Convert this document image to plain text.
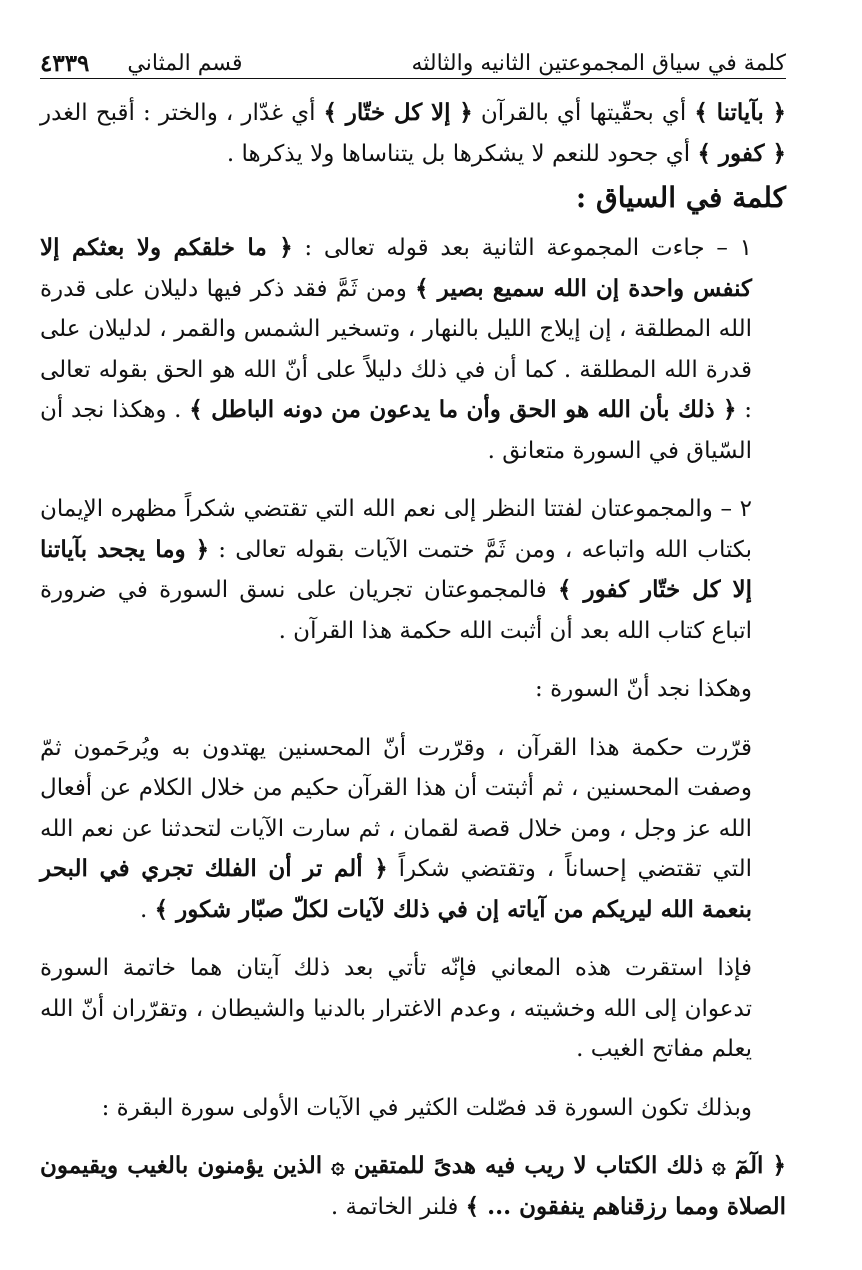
كلمة في سياق المجموعتين الثانيه والثالثه
قسم المثاني
٤٣٣٩

﴿ بآياتنا ﴾ أي بحقّيتها أي بالقرآن ﴿ إلا كل ختّار ﴾ أي غدّار ، والختر : أقبح الغدر ﴿ كفور ﴾ أي جحود للنعم لا يشكرها بل يتناساها ولا يذكرها .

كلمة في السياق :

١ – جاءت المجموعة الثانية بعد قوله تعالى : ﴿ ما خلقكم ولا بعثكم إلا كنفس واحدة إن الله سميع بصير ﴾ ومن ثَمَّ فقد ذكر فيها دليلان على قدرة الله المطلقة ، إن إيلاج الليل بالنهار ، وتسخير الشمس والقمر ، لدليلان على قدرة الله المطلقة . كما أن في ذلك دليلاً على أنّ الله هو الحق بقوله تعالى : ﴿ ذلك بأن الله هو الحق وأن ما يدعون من دونه الباطل ﴾ . وهكذا نجد أن السّياق في السورة متعانق .

٢ – والمجموعتان لفتتا النظر إلى نعم الله التي تقتضي شكراً مظهره الإيمان بكتاب الله واتباعه ، ومن ثَمَّ ختمت الآيات بقوله تعالى : ﴿ وما يجحد بآياتنا إلا كل ختّار كفور ﴾ فالمجموعتان تجريان على نسق السورة في ضرورة اتباع كتاب الله بعد أن أثبت الله حكمة هذا القرآن .

وهكذا نجد أنّ السورة :

قرّرت حكمة هذا القرآن ، وقرّرت أنّ المحسنين يهتدون به ويُرحَمون ثمّ وصفت المحسنين ، ثم أثبتت أن هذا القرآن حكيم من خلال الكلام عن أفعال الله عز وجل ، ومن خلال قصة لقمان ، ثم سارت الآيات لتحدثنا عن نعم الله التي تقتضي إحساناً ، وتقتضي شكراً ﴿ ألم تر أن الفلك تجري في البحر بنعمة الله ليريكم من آياته إن في ذلك لآيات لكلّ صبّار شكور ﴾ .

فإذا استقرت هذه المعاني فإنّه تأتي بعد ذلك آيتان هما خاتمة السورة تدعوان إلى الله وخشيته ، وعدم الاغترار بالدنيا والشيطان ، وتقرّران أنّ الله يعلم مفاتح الغيب .

وبذلك تكون السورة قد فصّلت الكثير في الآيات الأولى سورة البقرة :

﴿ الٓمٓ ۞ ذلك الكتاب لا ريب فيه هدىً للمتقين ۞ الذين يؤمنون بالغيب ويقيمون الصلاة ومما رزقناهم ينفقون ... ﴾ فلنر الخاتمة .
